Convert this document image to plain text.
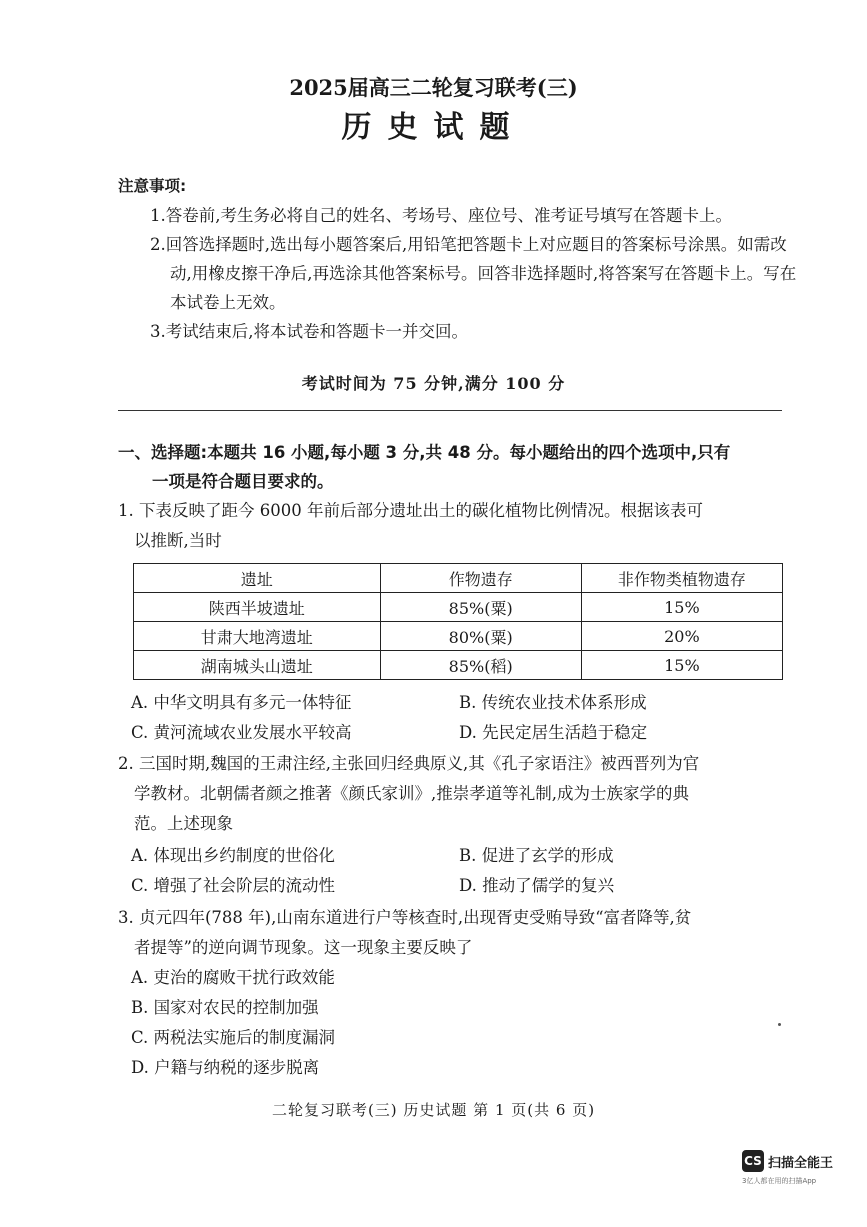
2025届高三二轮复习联考(三)
历史试题
注意事项:
1.答卷前,考生务必将自己的姓名、考场号、座位号、准考证号填写在答题卡上。
2.回答选择题时,选出每小题答案后,用铅笔把答题卡上对应题目的答案标号涂黑。如需改动,用橡皮擦干净后,再选涂其他答案标号。回答非选择题时,将答案写在答题卡上。写在本试卷上无效。
3.考试结束后,将本试卷和答题卡一并交回。
考试时间为 75 分钟,满分 100 分
一、选择题:本题共 16 小题,每小题 3 分,共 48 分。每小题给出的四个选项中,只有
一项是符合题目要求的。
1. 下表反映了距今 6000 年前后部分遗址出土的碳化植物比例情况。根据该表可
以推断,当时
遗址	作物遗存	非作物类植物遗存
陕西半坡遗址	85%(粟)	15%
甘肃大地湾遗址	80%(粟)	20%
湖南城头山遗址	85%(稻)	15%
A. 中华文明具有多元一体特征	B. 传统农业技术体系形成
C. 黄河流域农业发展水平较高	D. 先民定居生活趋于稳定
2. 三国时期,魏国的王肃注经,主张回归经典原义,其《孔子家语注》被西晋列为官
学教材。北朝儒者颜之推著《颜氏家训》,推崇孝道等礼制,成为士族家学的典
范。上述现象
A. 体现出乡约制度的世俗化	B. 促进了玄学的形成
C. 增强了社会阶层的流动性	D. 推动了儒学的复兴
3. 贞元四年(788 年),山南东道进行户等核查时,出现胥吏受贿导致“富者降等,贫
者提等”的逆向调节现象。这一现象主要反映了
A. 吏治的腐败干扰行政效能
B. 国家对农民的控制加强
C. 两税法实施后的制度漏洞
D. 户籍与纳税的逐步脱离
二轮复习联考(三) 历史试题 第 1 页(共 6 页)
CS 扫描全能王
3亿人都在用的扫描App
